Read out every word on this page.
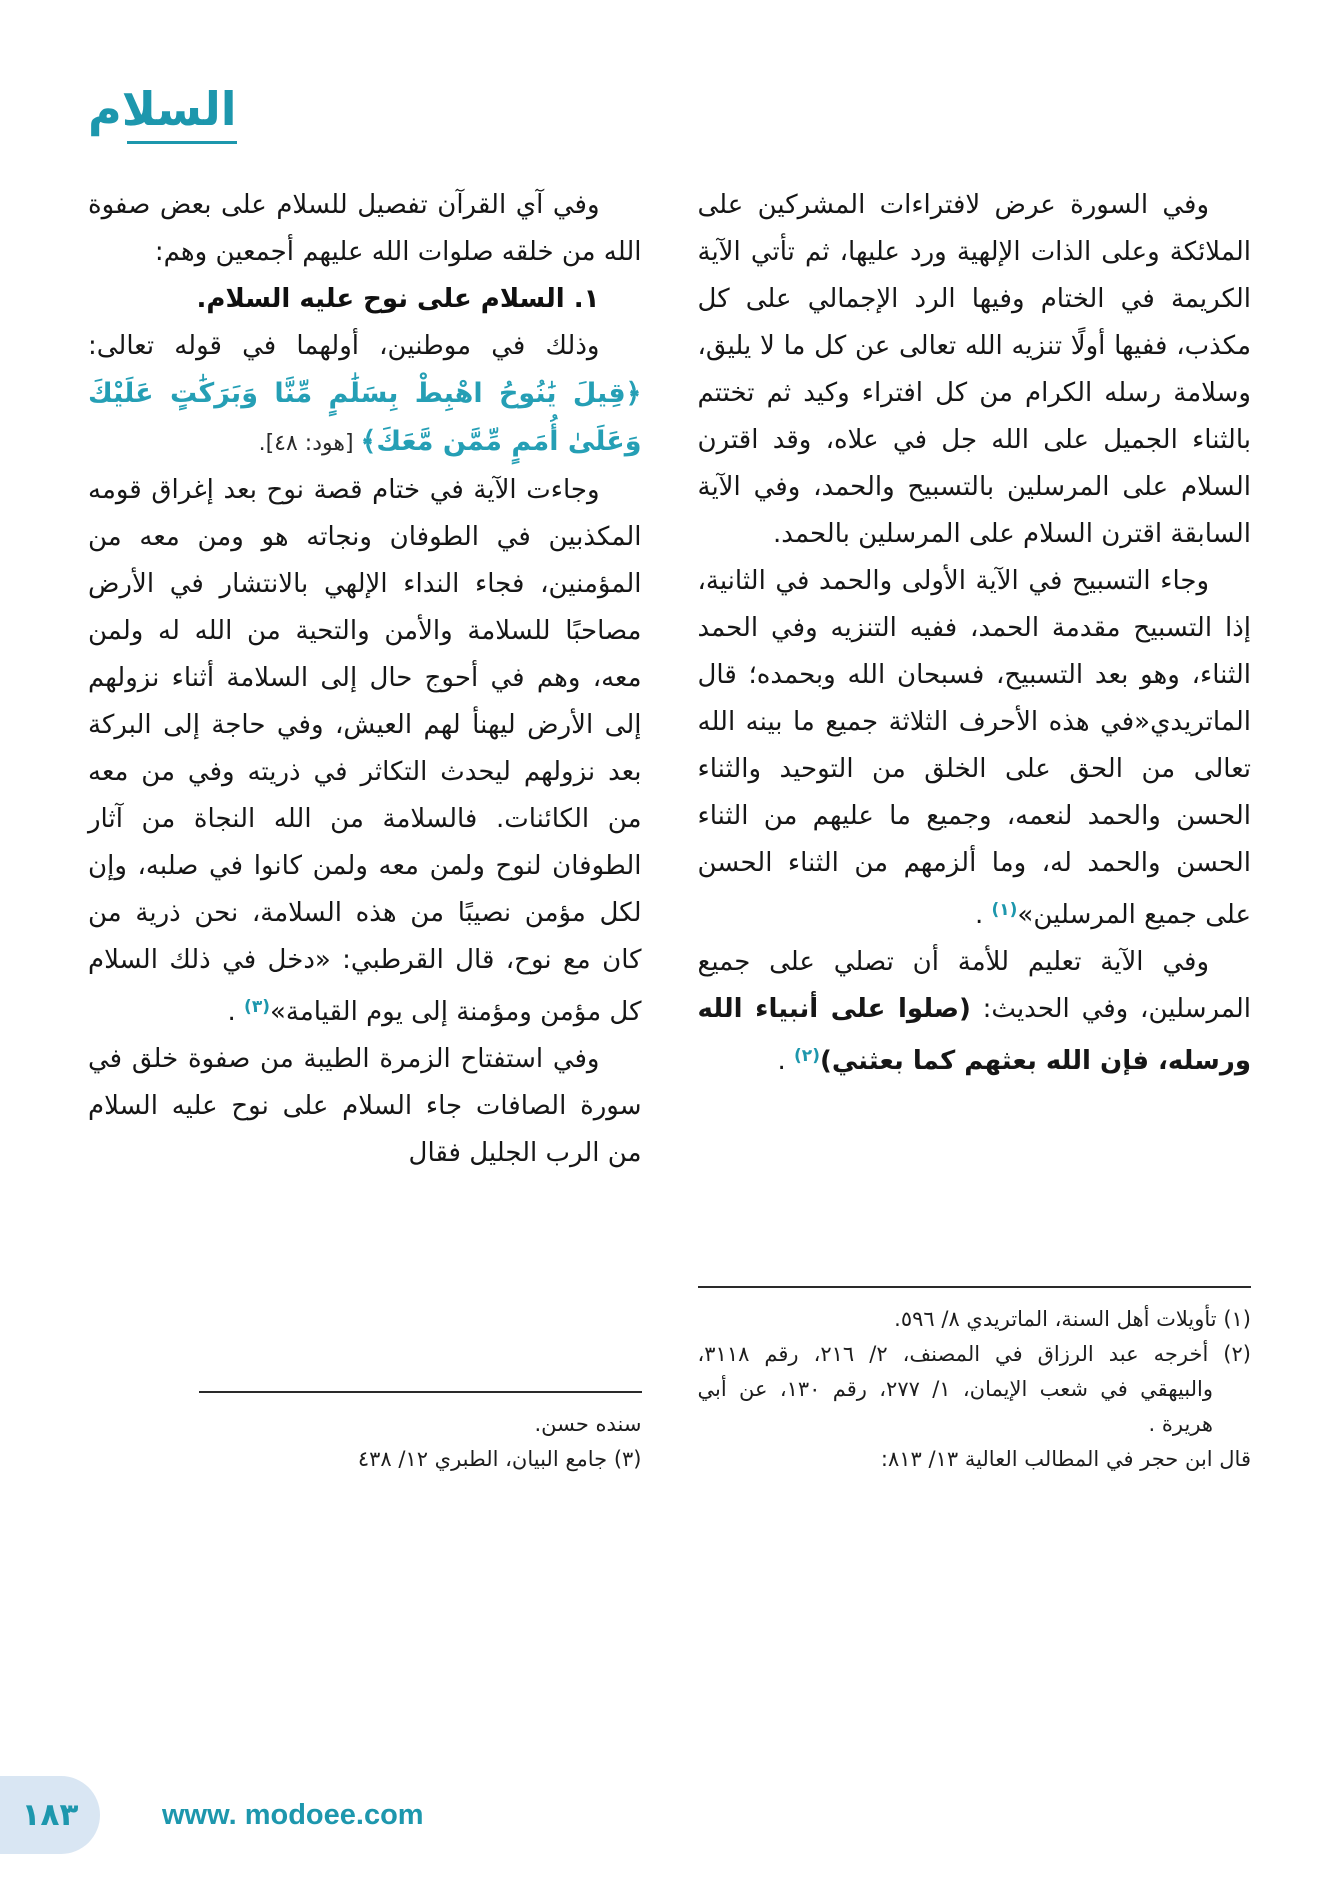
السلام

وفي السورة عرض لافتراءات المشركين على الملائكة وعلى الذات الإلهية ورد عليها، ثم تأتي الآية الكريمة في الختام وفيها الرد الإجمالي على كل مكذب، ففيها أولًا تنزيه الله تعالى عن كل ما لا يليق، وسلامة رسله الكرام من كل افتراء وكيد ثم تختتم بالثناء الجميل على الله جل في علاه، وقد اقترن السلام على المرسلين بالتسبيح والحمد، وفي الآية السابقة اقترن السلام على المرسلين بالحمد.

وجاء التسبيح في الآية الأولى والحمد في الثانية، إذا التسبيح مقدمة الحمد، ففيه التنزيه وفي الحمد الثناء، وهو بعد التسبيح، فسبحان الله وبحمده؛ قال الماتريدي«في هذه الأحرف الثلاثة جميع ما بينه الله تعالى من الحق على الخلق من التوحيد والثناء الحسن والحمد لنعمه، وجميع ما عليهم من الثناء الحسن والحمد له، وما ألزمهم من الثناء الحسن على جميع المرسلين»$^{(١)}$ .

وفي الآية تعليم للأمة أن تصلي على جميع المرسلين، وفي الحديث: (صلوا على أنبياء الله ورسله، فإن الله بعثهم كما بعثني)$^{(٢)}$ .

(١) تأويلات أهل السنة، الماتريدي ٨/ ٥٩٦.

(٢) أخرجه عبد الرزاق في المصنف، ٢/ ٢١٦، رقم ٣١١٨، والبيهقي في شعب الإيمان، ١/ ٢٧٧، رقم ١٣٠، عن أبي هريرة .

قال ابن حجر في المطالب العالية ١٣/ ٨١٣:

وفي آي القرآن تفصيل للسلام على بعض صفوة الله من خلقه صلوات الله عليهم أجمعين وهم:

١. السلام على نوح عليه السلام.

وذلك في موطنين، أولهما في قوله تعالى: ﴿قِيلَ يَٰنُوحُ اهْبِطْ بِسَلَٰمٍ مِّنَّا وَبَرَكَٰتٍ عَلَيْكَ وَعَلَىٰ أُمَمٍ مِّمَّن مَّعَكَ﴾ [هود: ٤٨].

وجاءت الآية في ختام قصة نوح بعد إغراق قومه المكذبين في الطوفان ونجاته هو ومن معه من المؤمنين، فجاء النداء الإلهي بالانتشار في الأرض مصاحبًا للسلامة والأمن والتحية من الله له ولمن معه، وهم في أحوج حال إلى السلامة أثناء نزولهم إلى الأرض ليهنأ لهم العيش، وفي حاجة إلى البركة بعد نزولهم ليحدث التكاثر في ذريته وفي من معه من الكائنات. فالسلامة من الله النجاة من آثار الطوفان لنوح ولمن معه ولمن كانوا في صلبه، وإن لكل مؤمن نصيبًا من هذه السلامة، نحن ذرية من كان مع نوح، قال القرطبي: «دخل في ذلك السلام كل مؤمن ومؤمنة إلى يوم القيامة»$^{(٣)}$ .

وفي استفتاح الزمرة الطيبة من صفوة خلق في سورة الصافات جاء السلام على نوح عليه السلام من الرب الجليل فقال

سنده حسن.

(٣) جامع البيان، الطبري ١٢/ ٤٣٨

١٨٣	www. modoee.com
